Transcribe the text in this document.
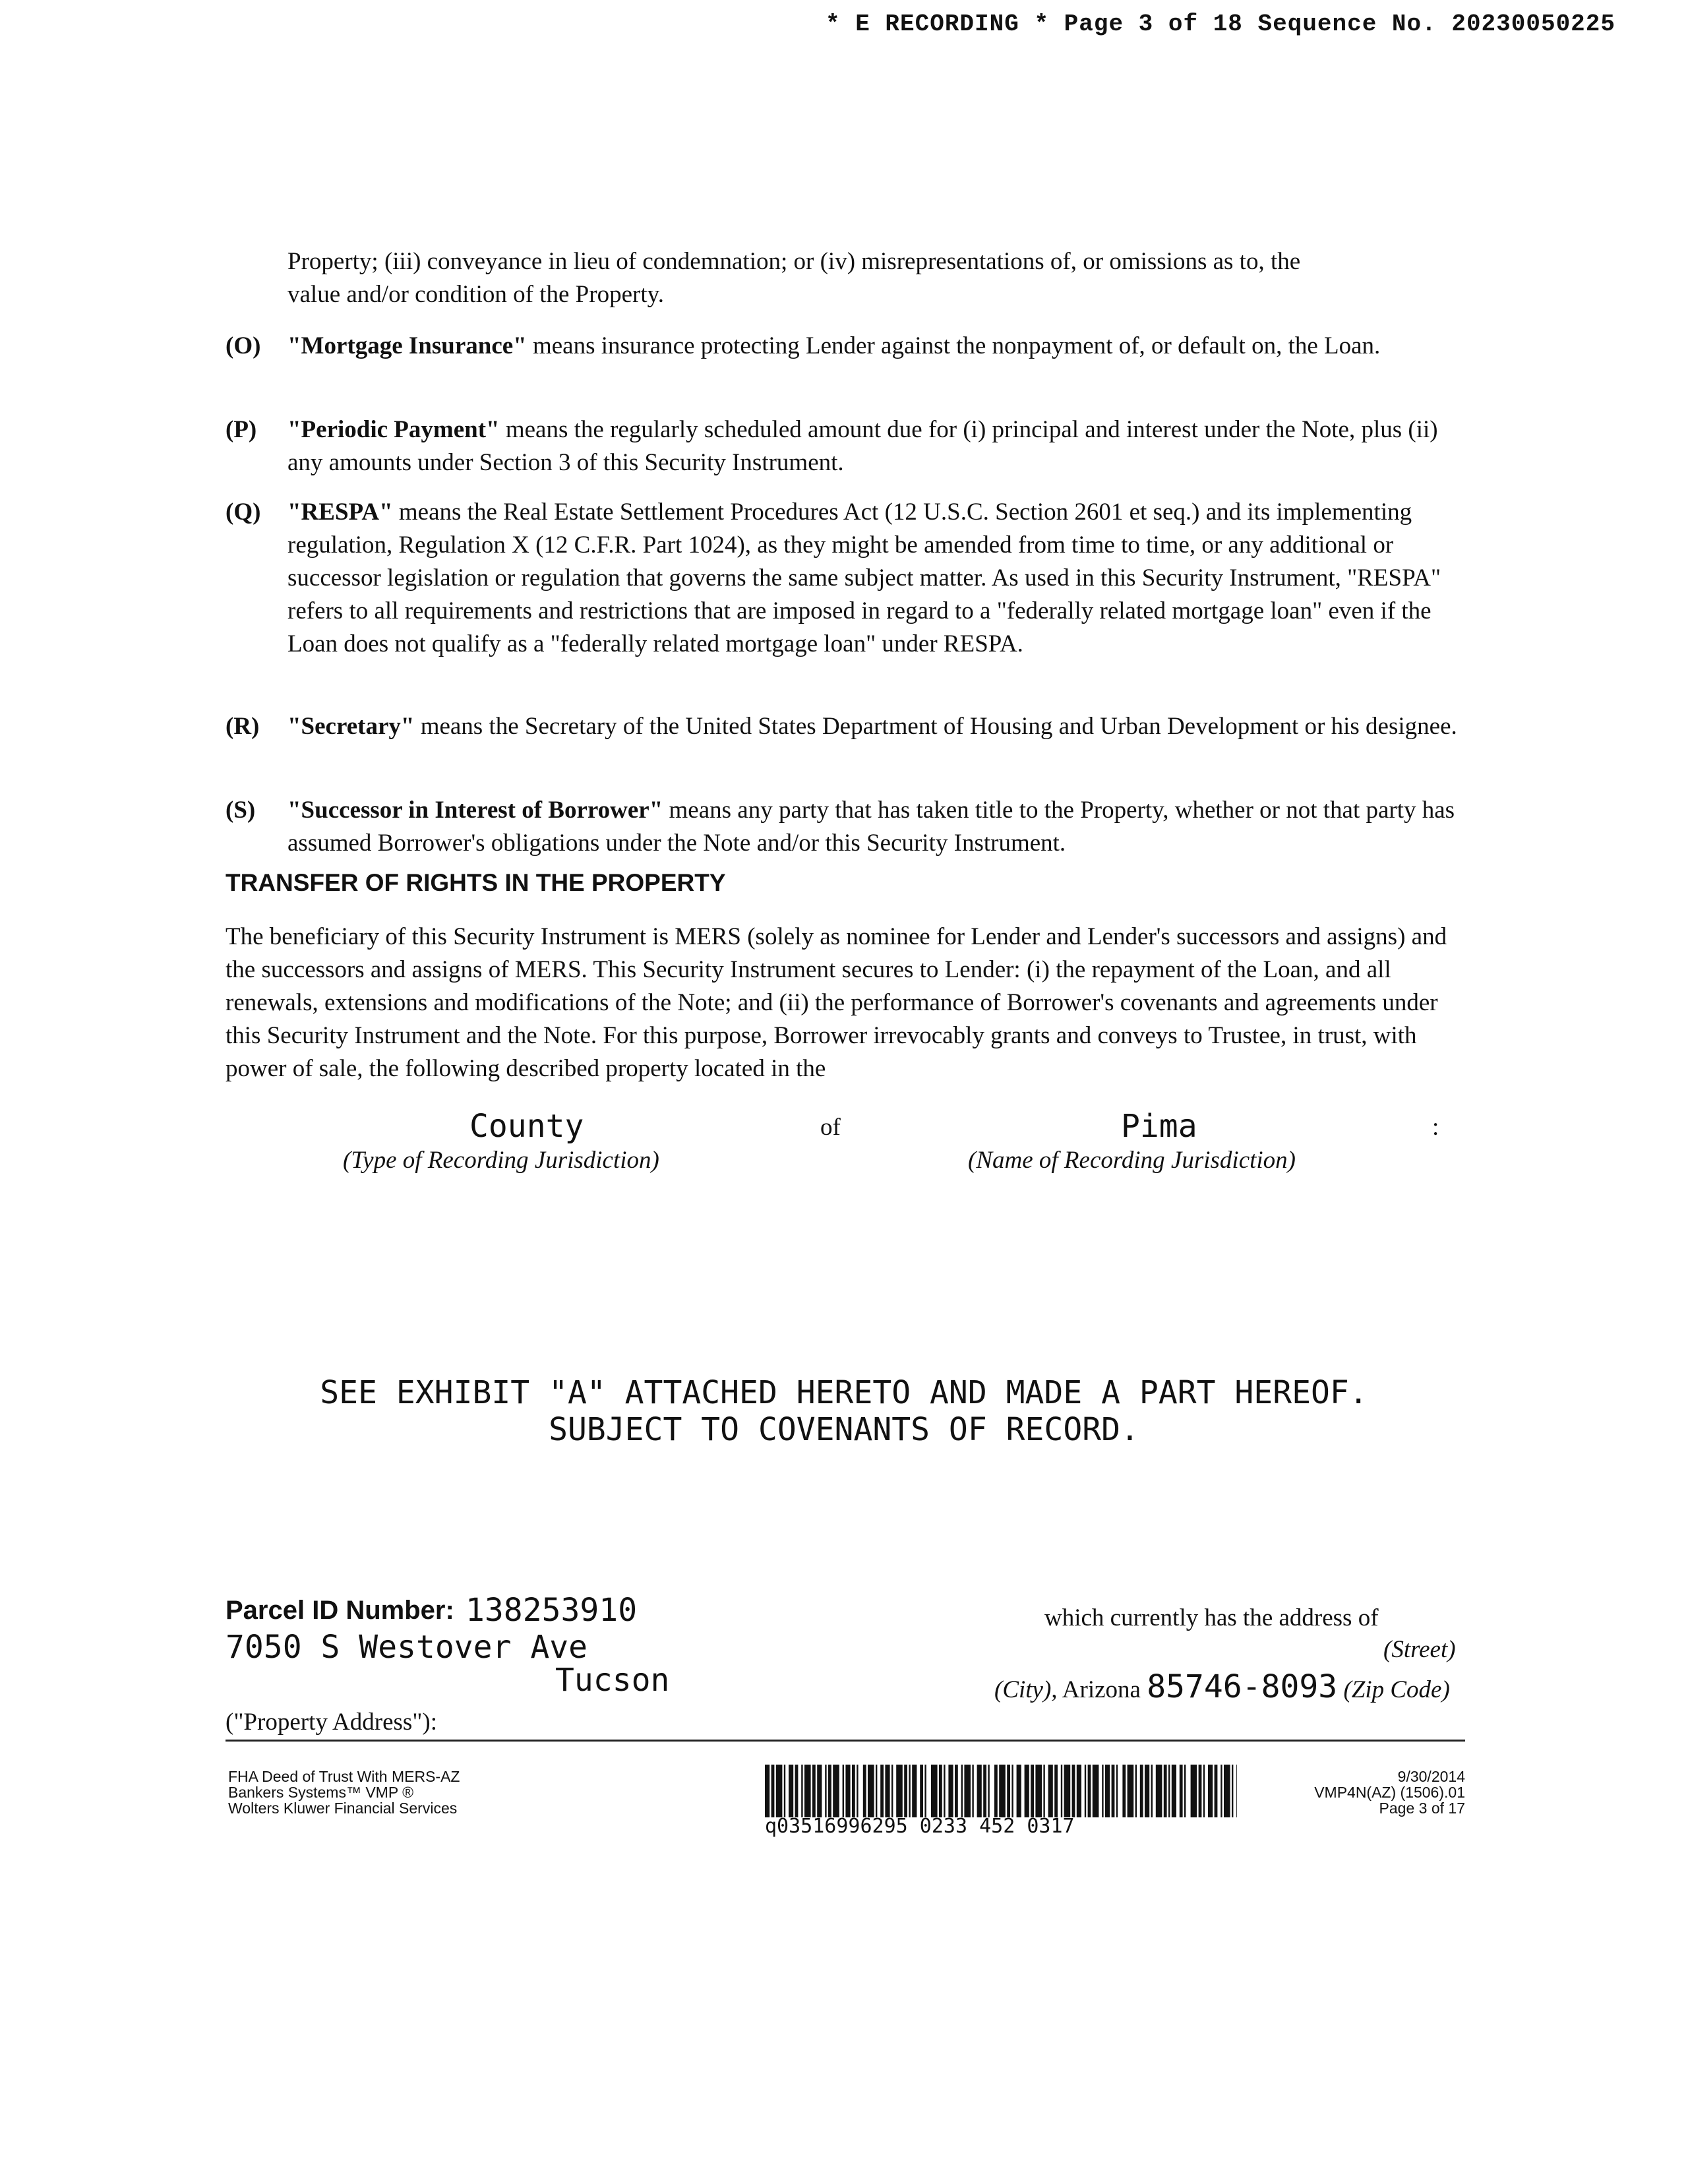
* E RECORDING * Page 3 of 18 Sequence No. 20230050225
Property; (iii) conveyance in lieu of condemnation; or (iv) misrepresentations of, or omissions as to, the
value and/or condition of the Property.
(O) "Mortgage Insurance" means insurance protecting Lender against the nonpayment of, or default on, the Loan.
(P) "Periodic Payment" means the regularly scheduled amount due for (i) principal and interest under the Note, plus (ii) any amounts under Section 3 of this Security Instrument.
(Q) "RESPA" means the Real Estate Settlement Procedures Act (12 U.S.C. Section 2601 et seq.) and its implementing regulation, Regulation X (12 C.F.R. Part 1024), as they might be amended from time to time, or any additional or successor legislation or regulation that governs the same subject matter. As used in this Security Instrument, "RESPA" refers to all requirements and restrictions that are imposed in regard to a "federally related mortgage loan" even if the Loan does not qualify as a "federally related mortgage loan" under RESPA.
(R) "Secretary" means the Secretary of the United States Department of Housing and Urban Development or his designee.
(S) "Successor in Interest of Borrower" means any party that has taken title to the Property, whether or not that party has assumed Borrower's obligations under the Note and/or this Security Instrument.
TRANSFER OF RIGHTS IN THE PROPERTY
The beneficiary of this Security Instrument is MERS (solely as nominee for Lender and Lender's successors and assigns) and the successors and assigns of MERS. This Security Instrument secures to Lender: (i) the repayment of the Loan, and all renewals, extensions and modifications of the Note; and (ii) the performance of Borrower's covenants and agreements under this Security Instrument and the Note. For this purpose, Borrower irrevocably grants and conveys to Trustee, in trust, with power of sale, the following described property located in the
County	of	Pima	:
(Type of Recording Jurisdiction)	(Name of Recording Jurisdiction)
SEE EXHIBIT "A" ATTACHED HERETO AND MADE A PART HEREOF.
SUBJECT TO COVENANTS OF RECORD.
Parcel ID Number: 138253910	which currently has the address of
7050 S Westover Ave	(Street)
Tucson	(City), Arizona 85746-8093 (Zip Code)
("Property Address"):
FHA Deed of Trust With MERS-AZ
Bankers Systems™ VMP ®
Wolters Kluwer Financial Services
q03516996295 0233 452 0317
9/30/2014
VMP4N(AZ) (1506).01
Page 3 of 17
